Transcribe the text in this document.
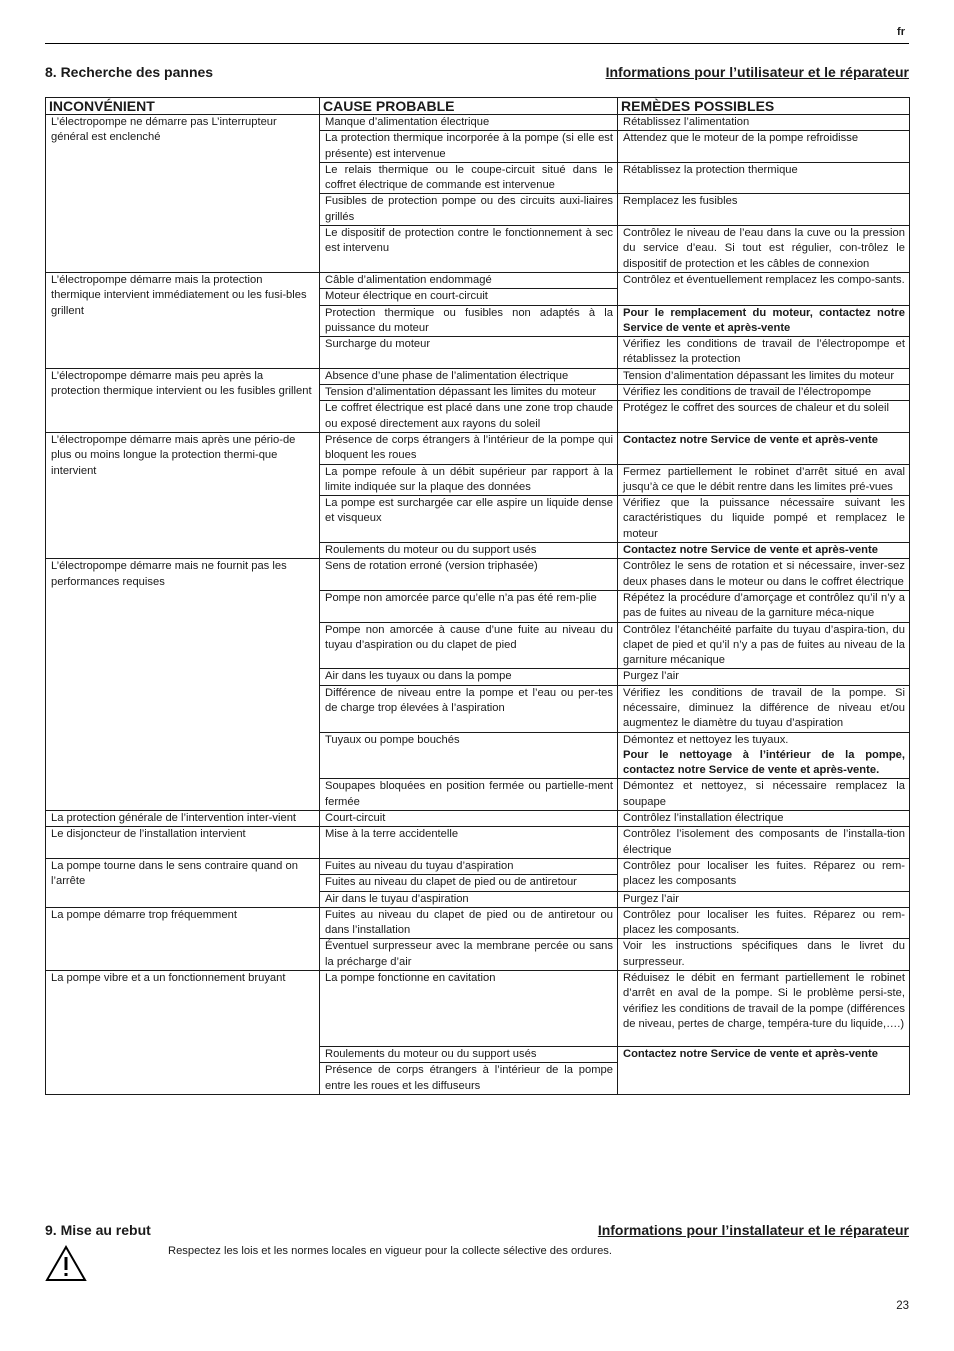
fr
8. Recherche des pannes	Informations pour l’utilisateur et le réparateur
INCONVÉNIENT	CAUSE PROBABLE	REMÈDES POSSIBLES
L’électropompe ne démarre pas L’interrupteur général est enclenché	Manque d’alimentation électrique	Rétablissez l’alimentation
	La protection thermique incorporée à la pompe (si elle est présente) est intervenue	Attendez que le moteur de la pompe refroidisse
	Le relais thermique ou le coupe-circuit situé dans le coffret électrique de commande est intervenue	Rétablissez la protection thermique
	Fusibles de protection pompe ou des circuits auxi-liaires grillés	Remplacez les fusibles
	Le dispositif de protection contre le fonctionnement à sec est intervenu	Contrôlez le niveau de l’eau dans la cuve ou la pression du service d’eau. Si tout est régulier, con-trôlez le dispositif de protection et les câbles de connexion
L’électropompe démarre mais la protection thermique intervient immédiatement ou les fusi-bles grillent	Câble d’alimentation endommagé	Contrôlez et éventuellement remplacez les compo-sants.
	Moteur électrique en court-circuit	
	Protection thermique ou fusibles non adaptés à la puissance du moteur	Pour le remplacement du moteur, contactez notre Service de vente et après-vente
	Surcharge du moteur	Vérifiez les conditions de travail de l’électropompe et rétablissez la protection
L’électropompe démarre mais peu après la protection thermique intervient ou les fusibles grillent	Absence d’une phase de l’alimentation électrique	Tension d’alimentation dépassant les limites du moteur
	Tension d’alimentation dépassant les limites du moteur	Vérifiez les conditions de travail de l’électropompe
	Le coffret électrique est placé dans une zone trop chaude ou exposé directement aux rayons du soleil	Protégez le coffret des sources de chaleur et du soleil
L’électropompe démarre mais après une pério-de plus ou moins longue la protection thermi-que intervient	Présence de corps étrangers à l’intérieur de la pompe qui bloquent les roues	Contactez notre Service de vente et après-vente
	La pompe refoule à un débit supérieur par rapport à la limite indiquée sur la plaque des données	Fermez partiellement le robinet d’arrêt situé en aval jusqu’à ce que le débit rentre dans les limites pré-vues
	La pompe est surchargée car elle aspire un liquide dense et visqueux	Vérifiez que la puissance nécessaire suivant les caractéristiques du liquide pompé et remplacez le moteur
	Roulements du moteur ou du support usés	Contactez notre Service de vente et après-vente
L’électropompe démarre mais ne fournit pas les performances requises	Sens de rotation erroné (version triphasée)	Contrôlez le sens de rotation et si nécessaire, inver-sez deux phases dans le moteur ou dans le coffret électrique
	Pompe non amorcée parce qu’elle n’a pas été rem-plie	Répétez la procédure d’amorçage et contrôlez qu’il n’y a pas de fuites au niveau de la garniture méca-nique
	Pompe non amorcée à cause d’une fuite au niveau du tuyau d’aspiration ou du clapet de pied	Contrôlez l’étanchéité parfaite du tuyau d’aspira-tion, du clapet de pied et qu’il n’y a pas de fuites au niveau de la garniture mécanique
	Air dans les tuyaux ou dans la pompe	Purgez l’air
	Différence de niveau entre la pompe et l’eau ou per-tes de charge trop élevées à l’aspiration	Vérifiez les conditions de travail de la pompe. Si nécessaire, diminuez la différence de niveau et/ou augmentez le diamètre du tuyau d’aspiration
	Tuyaux ou pompe bouchés	Démontez et nettoyez les tuyaux.
Pour le nettoyage à l’intérieur de la pompe, contactez notre Service de vente et après-vente.

	Soupapes bloquées en position fermée ou partielle-ment fermée	Démontez et nettoyez, si nécessaire remplacez la soupape
La protection générale de l’intervention inter-vient	Court-circuit	Contrôlez l’installation électrique
Le disjoncteur de l’installation intervient	Mise à la terre accidentelle	Contrôlez l’isolement des composants de l’installa-tion électrique
La pompe tourne dans le sens contraire quand on l’arrête	Fuites au niveau du tuyau d’aspiration	Contrôlez pour localiser les fuites. Réparez ou rem-placez les composants
	Fuites au niveau du clapet de pied ou de antiretour	
	Air dans le tuyau d’aspiration	Purgez l’air
La pompe démarre trop fréquemment	Fuites au niveau du clapet de pied ou de antiretour ou dans l’installation	Contrôlez pour localiser les fuites. Réparez ou rem-placez les composants.
	Éventuel surpresseur avec la membrane percée ou sans la précharge d’air	Voir les instructions spécifiques dans le livret du surpresseur.
La pompe vibre et a un fonctionnement bruyant	La pompe fonctionne en cavitation	Réduisez le débit en fermant partiellement le robinet d’arrêt en aval de la pompe. Si le problème persi-ste, vérifiez les conditions de travail de la pompe (différences de niveau, pertes de charge, tempéra-ture du liquide,….)
	Roulements du moteur ou du support usés	Contactez notre Service de vente et après-vente
	Présence de corps étrangers à l’intérieur de la pompe entre les roues et les diffuseurs	
9. Mise au rebut	Informations pour l’installateur et le réparateur
Respectez les lois et les normes locales en vigueur pour la collecte sélective des ordures.
23
